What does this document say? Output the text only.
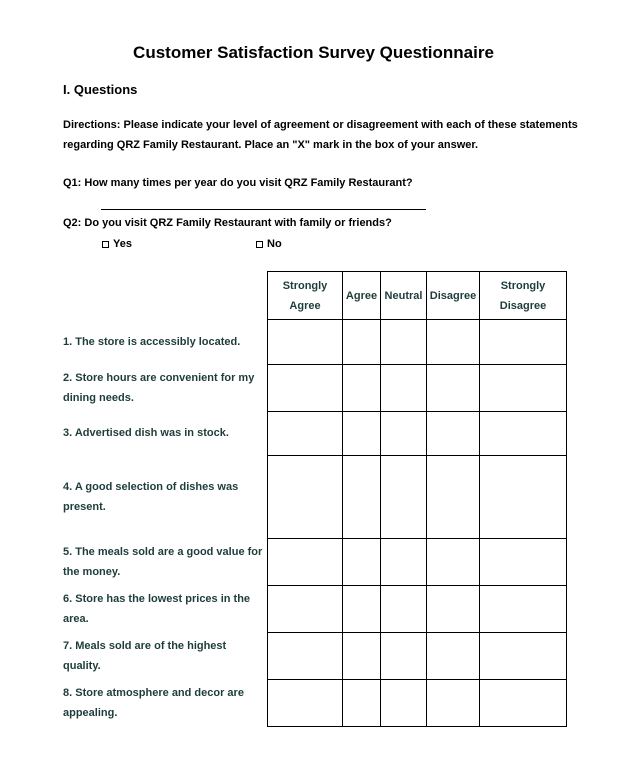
Customer Satisfaction Survey Questionnaire
I. Questions
Directions: Please indicate your level of agreement or disagreement with each of these statements regarding QRZ Family Restaurant. Place an "X" mark in the box of your answer.
Q1: How many times per year do you visit QRZ Family Restaurant?
Q2: Do you visit QRZ Family Restaurant with family or friends?
Yes	No
Strongly Agree	Agree	Neutral	Disagree	Strongly Disagree

1. The store is accessibly located.
2. Store hours are convenient for my dining needs.
3. Advertised dish was in stock.
4. A good selection of dishes was present.
5. The meals sold are a good value for the money.
6. Store has the lowest prices in the area.
7. Meals sold are of the highest quality.
8. Store atmosphere and decor are appealing.
